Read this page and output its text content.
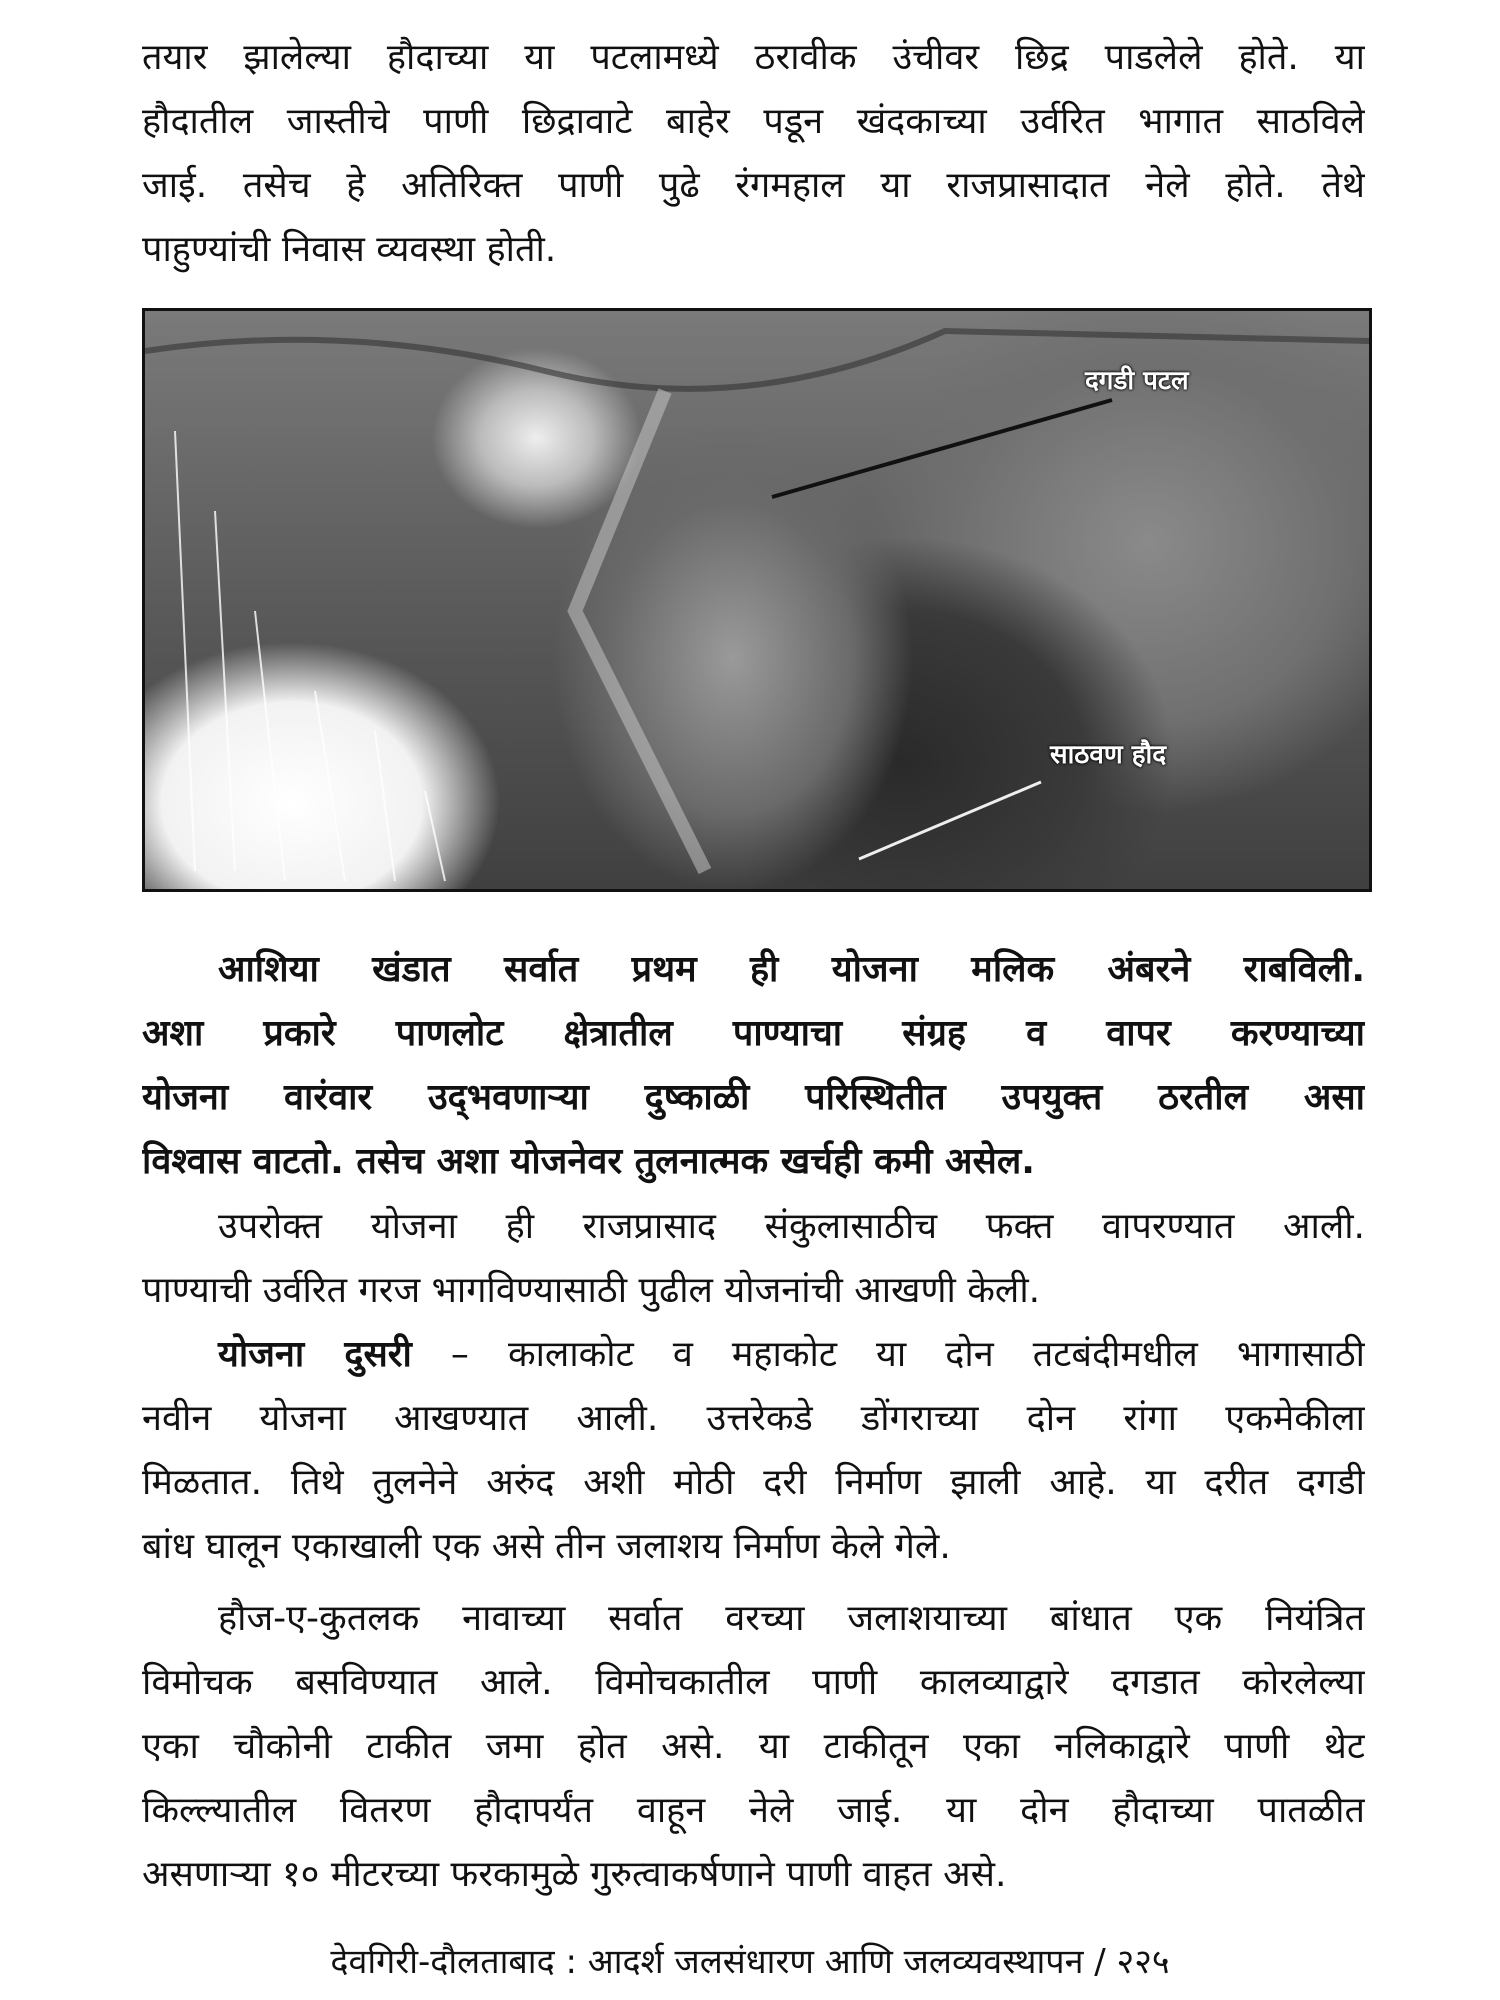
तयार झालेल्या हौदाच्या या पटलामध्ये ठरावीक उंचीवर छिद्र पाडलेले होते. या
हौदातील जास्तीचे पाणी छिद्रावाटे बाहेर पडून खंदकाच्या उर्वरित भागात साठविले
जाई. तसेच हे अतिरिक्त पाणी पुढे रंगमहाल या राजप्रासादात नेले होते. तेथे
पाहुण्यांची निवास व्यवस्था होती.
दगडी पटल
साठवण हौद
आशिया खंडात सर्वात प्रथम ही योजना मलिक अंबरने राबविली.
अशा प्रकारे पाणलोट क्षेत्रातील पाण्याचा संग्रह व वापर करण्याच्या
योजना वारंवार उद्‌भवणाऱ्या दुष्काळी परिस्थितीत उपयुक्त ठरतील असा
विश्वास वाटतो. तसेच अशा योजनेवर तुलनात्मक खर्चही कमी असेल.
उपरोक्त योजना ही राजप्रासाद संकुलासाठीच फक्त वापरण्यात आली.
पाण्याची उर्वरित गरज भागविण्यासाठी पुढील योजनांची आखणी केली.
योजना दुसरी – कालाकोट व महाकोट या दोन तटबंदीमधील भागासाठी
नवीन योजना आखण्यात आली. उत्तरेकडे डोंगराच्या दोन रांगा एकमेकीला
मिळतात. तिथे तुलनेने अरुंद अशी मोठी दरी निर्माण झाली आहे. या दरीत दगडी
बांध घालून एकाखाली एक असे तीन जलाशय निर्माण केले गेले.
हौज-ए-कुतलक नावाच्या सर्वात वरच्या जलाशयाच्या बांधात एक नियंत्रित
विमोचक बसविण्यात आले. विमोचकातील पाणी कालव्याद्वारे दगडात कोरलेल्या
एका चौकोनी टाकीत जमा होत असे. या टाकीतून एका नलिकाद्वारे पाणी थेट
किल्ल्यातील वितरण हौदापर्यंत वाहून नेले जाई. या दोन हौदाच्या पातळीत
असणाऱ्या १० मीटरच्या फरकामुळे गुरुत्वाकर्षणाने पाणी वाहत असे.
देवगिरी-दौलताबाद : आदर्श जलसंधारण आणि जलव्यवस्थापन / २२५
